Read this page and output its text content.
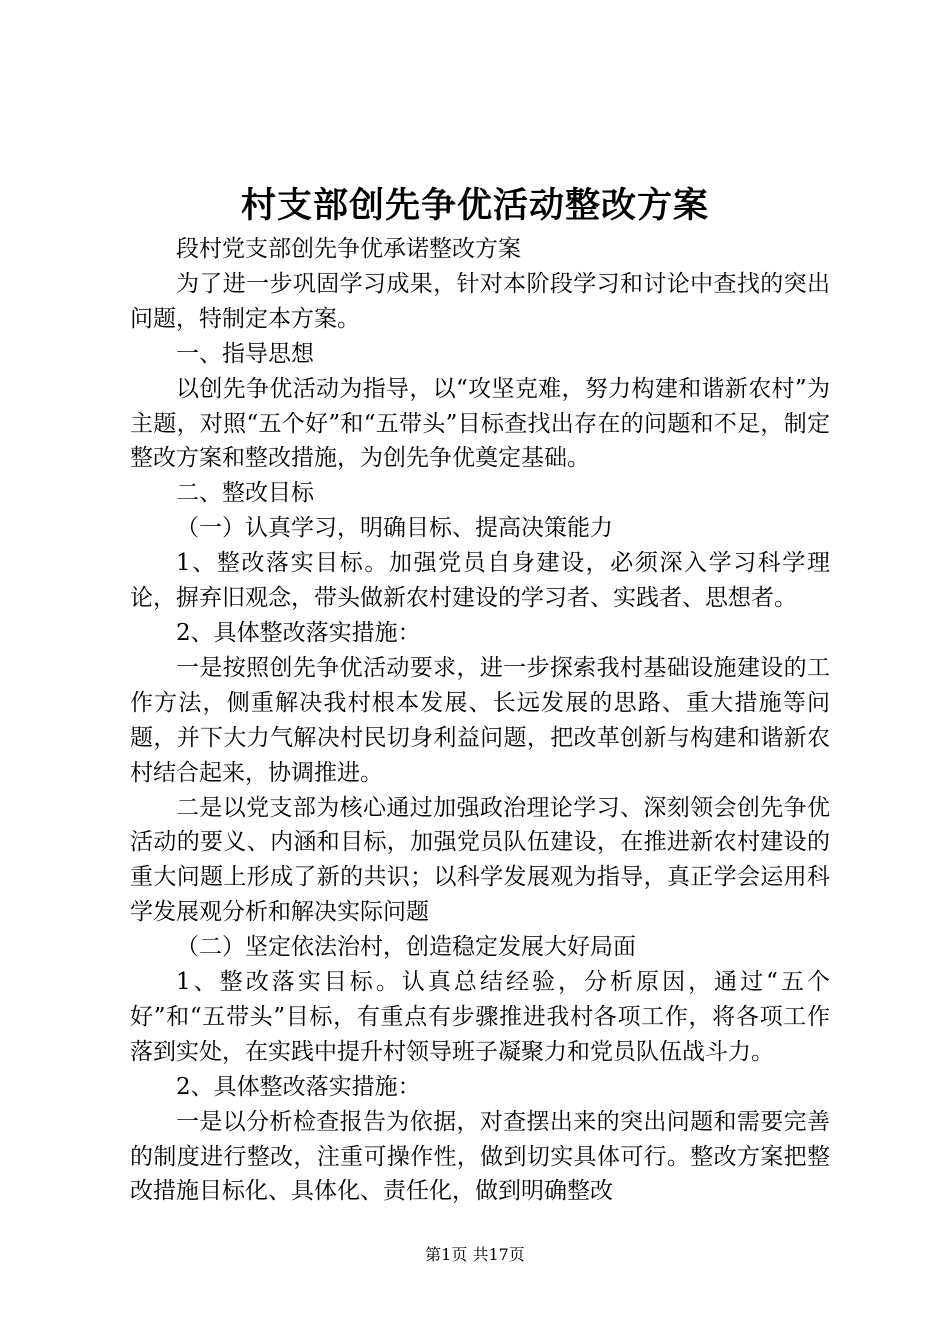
村支部创先争优活动整改方案

段村党支部创先争优承诺整改方案

为了进一步巩固学习成果，针对本阶段学习和讨论中查找的突出问题，特制定本方案。

一、指导思想

以创先争优活动为指导，以“攻坚克难，努力构建和谐新农村”为主题，对照“五个好”和“五带头”目标查找出存在的问题和不足，制定整改方案和整改措施，为创先争优奠定基础。

二、整改目标

（一）认真学习，明确目标、提高决策能力

1、整改落实目标。加强党员自身建设，必须深入学习科学理论，摒弃旧观念，带头做新农村建设的学习者、实践者、思想者。

2、具体整改落实措施：

一是按照创先争优活动要求，进一步探索我村基础设施建设的工作方法，侧重解决我村根本发展、长远发展的思路、重大措施等问题，并下大力气解决村民切身利益问题，把改革创新与构建和谐新农村结合起来，协调推进。

二是以党支部为核心通过加强政治理论学习、深刻领会创先争优活动的要义、内涵和目标，加强党员队伍建设，在推进新农村建设的重大问题上形成了新的共识；以科学发展观为指导，真正学会运用科学发展观分析和解决实际问题

（二）坚定依法治村，创造稳定发展大好局面

1、整改落实目标。认真总结经验，分析原因，通过“五个好”和“五带头”目标，有重点有步骤推进我村各项工作，将各项工作落到实处，在实践中提升村领导班子凝聚力和党员队伍战斗力。

2、具体整改落实措施：

一是以分析检查报告为依据，对查摆出来的突出问题和需要完善的制度进行整改，注重可操作性，做到切实具体可行。整改方案把整改措施目标化、具体化、责任化，做到明确整改

第1页 共17页
